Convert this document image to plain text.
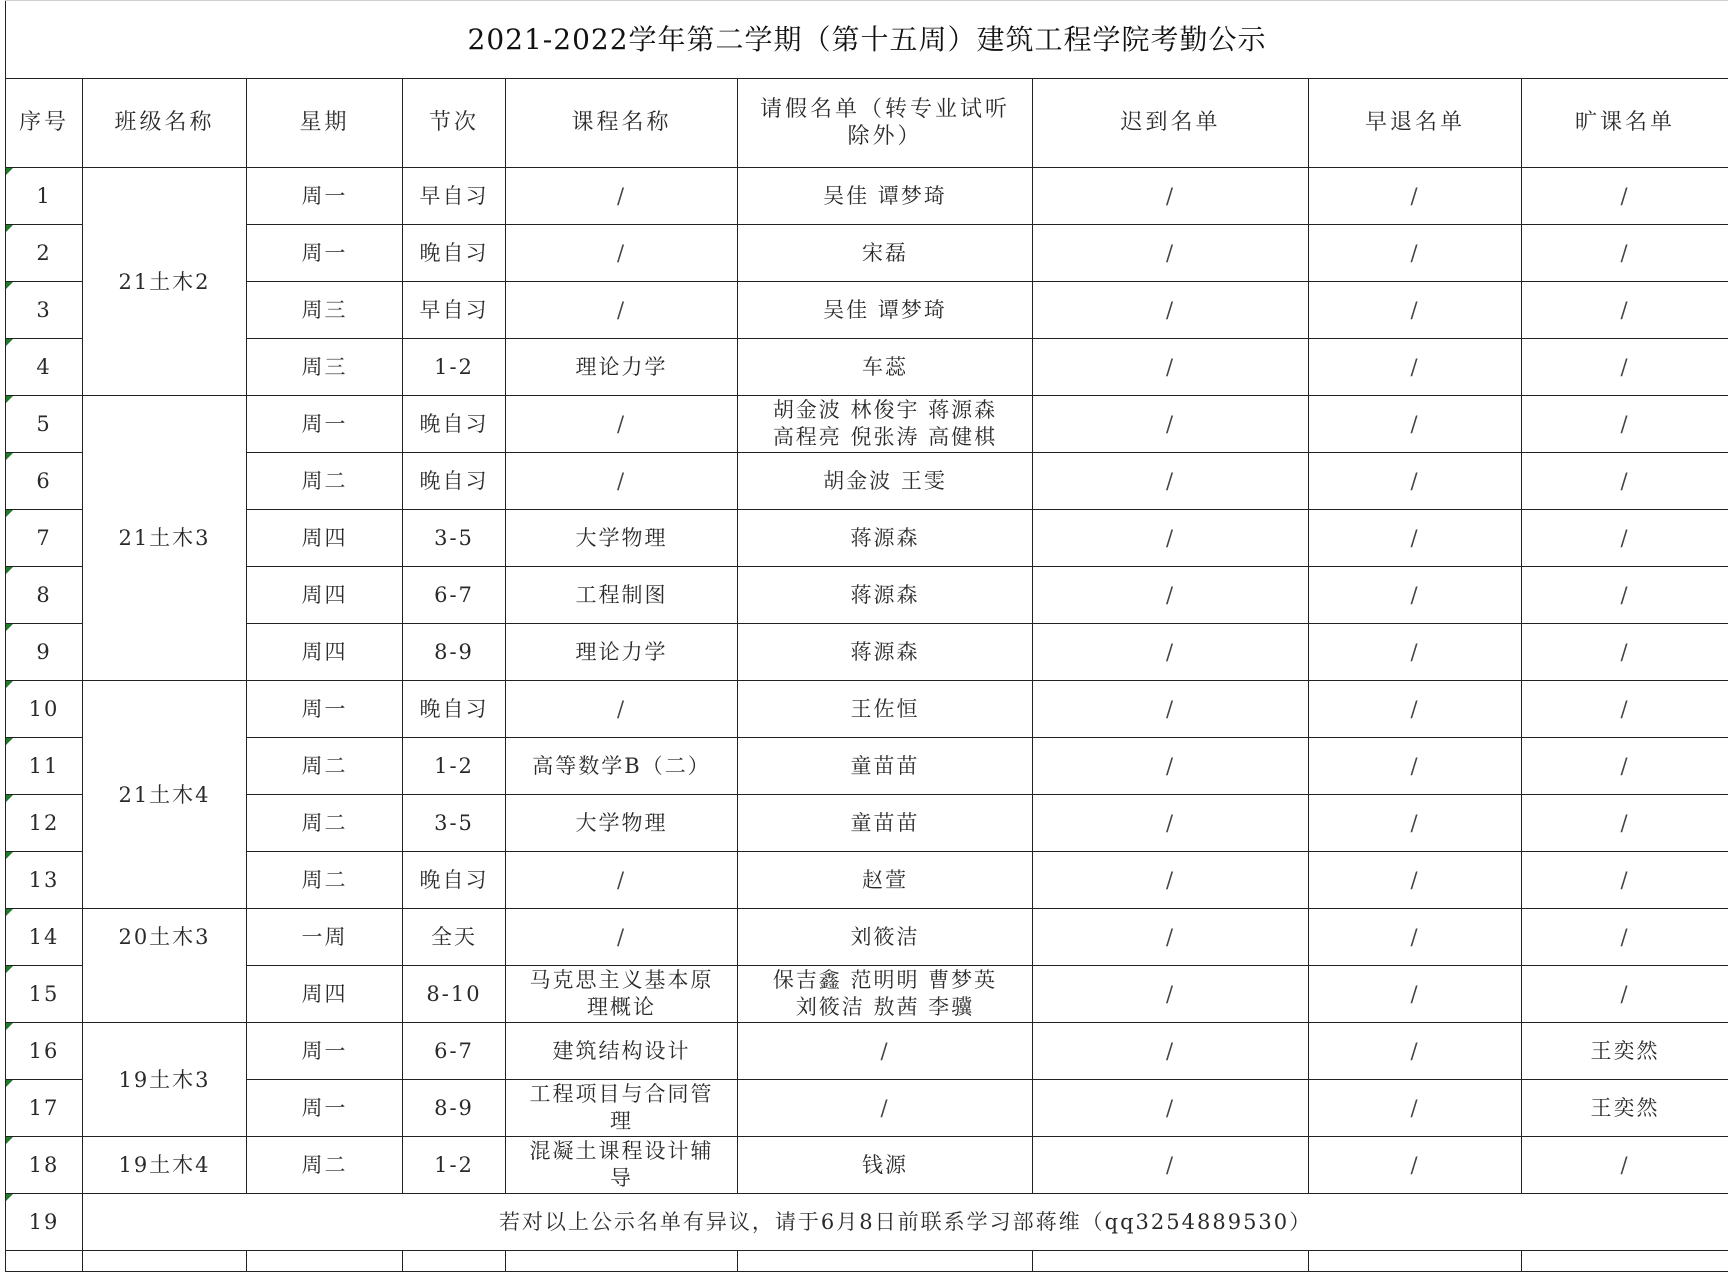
2021-2022学年第二学期（第十五周）建筑工程学院考勤公示								
序号	班级名称	星期	节次	课程名称	请假名单（转专业试听
除外）	迟到名单	早退名单	旷课名单

1	21土木2	周一	早自习	/	吴佳 谭梦琦	/	/	/

2		周一	晚自习	/	宋磊	/	/	/

3		周三	早自习	/	吴佳 谭梦琦	/	/	/

4		周三	1-2	理论力学	车蕊	/	/	/

5	21土木3	周一	晚自习	/	胡金波 林俊宇 蒋源森
高程亮 倪张涛 高健棋	/	/	/

6		周二	晚自习	/	胡金波 王雯	/	/	/

7		周四	3-5	大学物理	蒋源森	/	/	/

8		周四	6-7	工程制图	蒋源森	/	/	/

9		周四	8-9	理论力学	蒋源森	/	/	/

10	21土木4	周一	晚自习	/	王佐恒	/	/	/

11		周二	1-2	高等数学B（二）	童苗苗	/	/	/

12		周二	3-5	大学物理	童苗苗	/	/	/

13		周二	晚自习	/	赵萱	/	/	/

14	20土木3	一周	全天	/	刘筱洁	/	/	/

15		周四	8-10	马克思主义基本原
理概论	保吉鑫 范明明 曹梦英
刘筱洁 敖茜 李骥	/	/	/

16	19土木3	周一	6-7	建筑结构设计	/	/	/	王奕然

17		周一	8-9	工程项目与合同管
理	/	/	/	王奕然

18	19土木4	周二	1-2	混凝土课程设计辅
导	钱源	/	/	/

19	若对以上公示名单有异议，请于6月8日前联系学习部蒋维（qq3254889530）							
